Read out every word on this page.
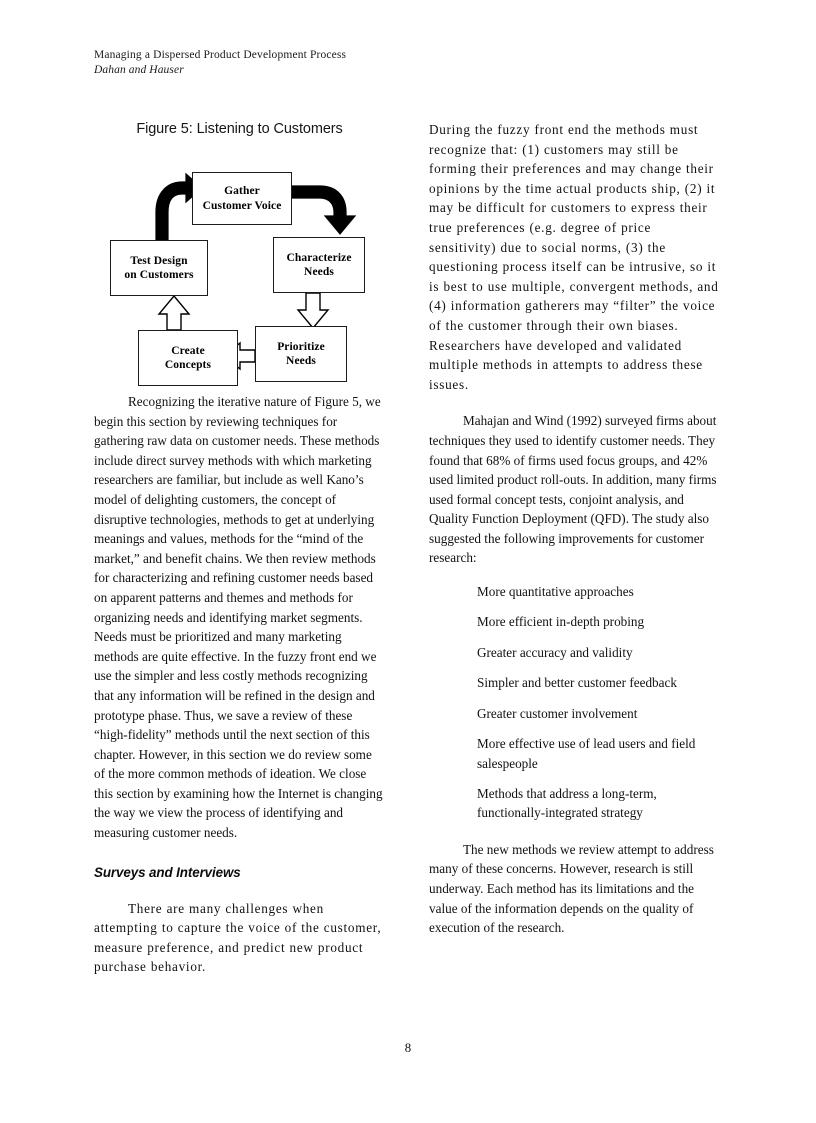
Managing a Dispersed Product Development Process
Dahan and Hauser
Figure 5: Listening to Customers
Gather
Customer Voice
Characterize
Needs
Prioritize
Needs
Create
Concepts
Test Design
on Customers

Recognizing the iterative nature of Figure 5, we begin this section by reviewing techniques for gathering raw data on customer needs. These methods include direct survey methods with which marketing researchers are familiar, but include as well Kano’s model of delighting customers, the concept of disruptive technologies, methods to get at underlying meanings and values, methods for the “mind of the market,” and benefit chains. We then review methods for characterizing and refining customer needs based on apparent patterns and themes and methods for organizing needs and identifying market segments. Needs must be prioritized and many marketing methods are quite effective. In the fuzzy front end we use the simpler and less costly methods recognizing that any information will be refined in the design and prototype phase. Thus, we save a review of these “high-fidelity” methods until the next section of this chapter. However, in this section we do review some of the more common methods of ideation. We close this section by examining how the Internet is changing the way we view the process of identifying and measuring customer needs.

Surveys and Interviews

There are many challenges when attempting to capture the voice of the customer, measure preference, and predict new product purchase behavior.

During the fuzzy front end the methods must recognize that: (1) customers may still be forming their preferences and may change their opinions by the time actual products ship, (2) it may be difficult for customers to express their true preferences (e.g. degree of price sensitivity) due to social norms, (3) the questioning process itself can be intrusive, so it is best to use multiple, convergent methods, and (4) information gatherers may “filter” the voice of the customer through their own biases. Researchers have developed and validated multiple methods in attempts to address these issues.

Mahajan and Wind (1992) surveyed firms about techniques they used to identify customer needs. They found that 68% of firms used focus groups, and 42% used limited product roll-outs. In addition, many firms used formal concept tests, conjoint analysis, and Quality Function Deployment (QFD). The study also suggested the following improvements for customer research:

More quantitative approaches
More efficient in-depth probing
Greater accuracy and validity
Simpler and better customer feedback
Greater customer involvement
More effective use of lead users and field salespeople
Methods that address a long-term, functionally-integrated strategy

The new methods we review attempt to address many of these concerns. However, research is still underway. Each method has its limitations and the value of the information depends on the quality of execution of the research.

8
